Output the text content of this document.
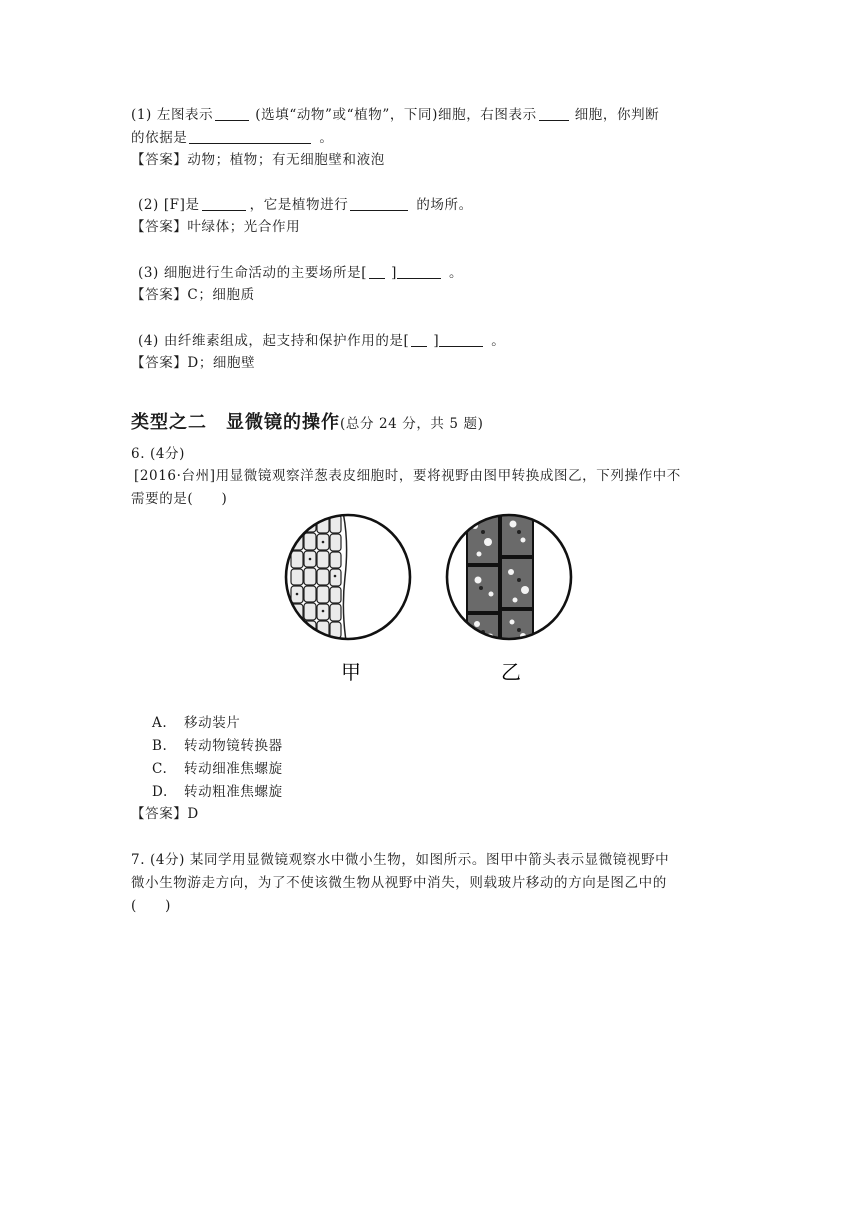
(1) 左图表示	(选填“动物”或“植物”，下同)细胞，右图表示	细胞，你判断
的依据是	。
【答案】动物；植物；有无细胞壁和液泡
(2) [F]是	，它是植物进行	的场所。
【答案】叶绿体；光合作用
(3) 细胞进行生命活动的主要场所是[ ]	。
【答案】C；细胞质
(4) 由纤维素组成，起支持和保护作用的是[ ]	。
【答案】D；细胞壁
类型之二　显微镜的操作(总分 24 分，共 5 题)
6. (4分)
[2016·台州]用显微镜观察洋葱表皮细胞时，要将视野由图甲转换成图乙，下列操作中不
需要的是(　　)
甲	乙
A. 移动装片
B. 转动物镜转换器
C. 转动细准焦螺旋
D. 转动粗准焦螺旋
【答案】D
7. (4分) 某同学用显微镜观察水中微小生物，如图所示。图甲中箭头表示显微镜视野中
微小生物游走方向，为了不使该微生物从视野中消失，则载玻片移动的方向是图乙中的
(　　)
